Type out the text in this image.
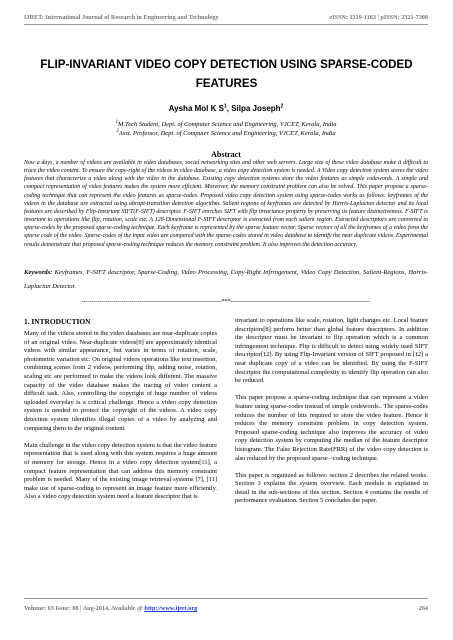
IJRET: International Journal of Research in Engineering and Technology	eISSN: 2319-1163 | pISSN: 2321-7308
FLIP-INVARIANT VIDEO COPY DETECTION USING SPARSE-CODED
FEATURES

Aysha Mol K $S^1$, Silpa Joseph$^2$

$^1$M.Tech Student, Dept. of Computer Science and Engineering, VJCET, Kerala, India
$^2$Asst. Professor, Dept. of Computer Science and Engineering, VJCET, Kerala, India

Abstract

Now a days, a number of videos are available in video databases, social networking sites and other web servers. Large size of these video database make it difficult to trace the video content. To ensure the copy-right of the videos in video database, a video copy detection system is needed. A Video copy detection system stores the video features that characterize a video along with the video in the database. Existing copy detection systems store the video features as simple codewords. A simple and compact representation of video features makes the system more efficient. Moreover, the memory constraint problem can also be solved. This paper propose a sparse-coding technique that can represent the video features as sparse-codes. Proposed video copy detection system using sparse-codes works as follows: keyframes of the videos in the database are extracted using abrupt-transition detection algorithm. Salient regions of keyframes are detected by Harris-Laplacian detector and its local features are described by Flip-Invariant SIFT(F-SIFT) descriptor. F-SIFT enriches SIFT with flip invariance property by preserving its feature distinctiveness. F-SIFT is invariant to operations like flip, rotation, scale etc. A 128-Dimensional F-SIFT descriptor is extracted from each salient region. Extracted descriptors are converted to sparse-codes by the proposed sparse-coding technique. Each keyframe is represented by the sparse feature vector. Sparse vectors of all the keyframes of a video form the sparse code of the video. Sparse-codes of the input video are compared with the sparse-codes stored in video database to identify the near duplicate videos. Experimental results demonstrate that proposed sparse-coding technique reduces the memory constraint problem. It also improves the detection accuracy.

Keywords: Keyframes, F-SIFT descriptor, Sparse-Coding, Video Processing, Copy-Right Infringement, Video Copy Detection, Salient-Regions, Harris-Laplacian Detector.

----------------------------------------------------------------------***----------------------------------------------------------------------

1. INTRODUCTION

Many of the videos stored in the video databases are near-duplicate copies of an original video. Near-duplicate videos[9] are approximately identical videos with similar appearance, but varies in terms of rotation, scale, photometric variation etc. On original videos operations like text insertion, combining scenes from 2 videos, performing flip, adding noise, rotation, scaling etc are performed to make the videos look different. The massive capacity of the video database makes the tracing of video content a difficult task. Also, controlling the copyright of huge number of videos uploaded everyday is a critical challenge. Hence a video copy detection system is needed to protect the copyright of the videos. A video copy detection system identifies illegal copies of a video by analyzing and comparing them to the original content.

Main challenge in the video copy detection system is that the video feature representation that is used along with this system requires a huge amount of memory for storage. Hence in a video copy detection system[11], a compact feature representation that can address this memory constraint problem is needed. Many of the existing image retrieval systems [7], [11] make use of sparse-coding to represent an image feature more efficiently. Also a video copy detection system need a feature descriptor that is

invariant to operations like scale, rotation, light changes etc. Local feature descriptors[8] perform better than global feature descriptors. In addition the descriptor must be invariant to flip operation which is a common infringement technique. Flip is difficult to detect using widely used SIFT descriptor[12]. By using Flip-Invariant version of SIFT proposed in [12] a near duplicate copy of a video can be identified. By using the F-SIFT descriptor the computational complexity to identify flip operation can also be reduced.

This paper propose a sparse-coding technique that can represent a video feature using sparse-codes instead of simple codewords.. The sparse-codes reduces the number of bits required to store the video feature. Hence it reduces the memory constraint problem in copy detection system. Proposed sparse-coding technique also improves the accuracy of video copy detection system by computing the median of the feature descriptor histogram. The False Rejection Rate(FRR) of the video copy detection is also reduced by the proposed sparse –coding technique.

This paper is organized as follows: section 2 describes the related works. Section 3 explains the system overview. Each module is explained in detail in the sub-sections of this section. Section 4 contains the results of performance evaluation. Section 5 concludes the paper.

Volume: 03 Issue: 08 | Aug-2014, Available @ http://www.ijret.org	264
